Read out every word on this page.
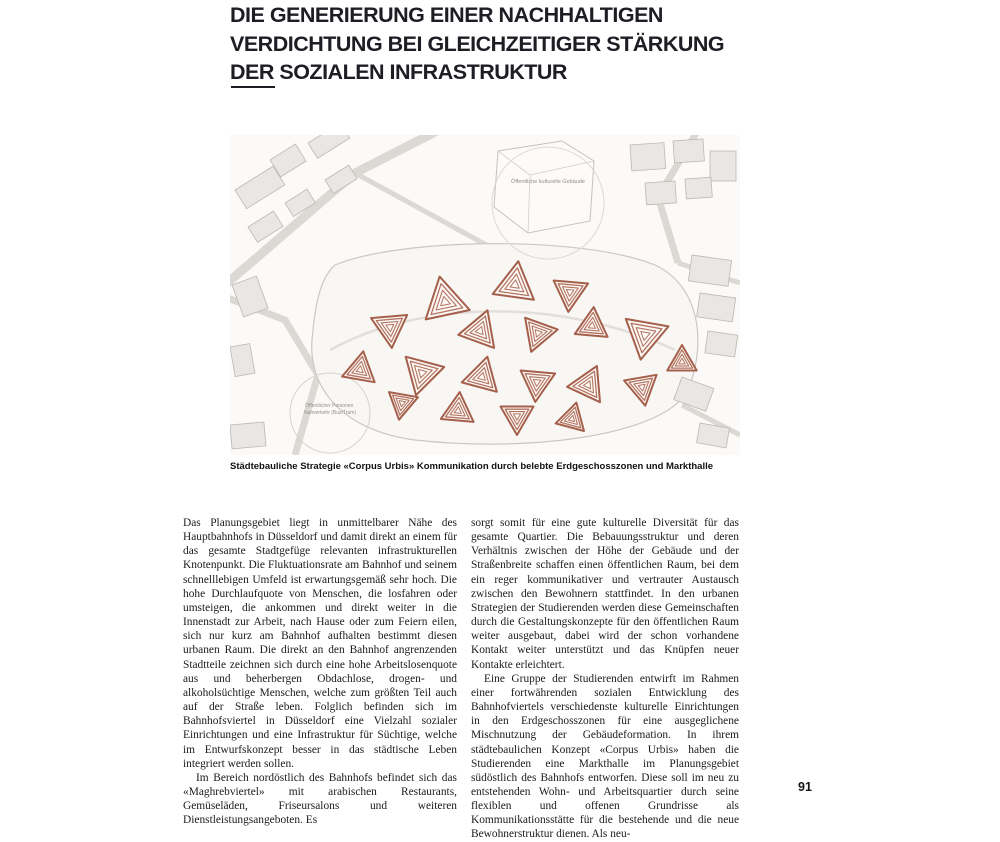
DIE GENERIERUNG EINER NACHHALTIGEN
VERDICHTUNG BEI GLEICHZEITIGER STÄRKUNG
DER SOZIALEN INFRASTRUKTUR
Öffentliche kulturelle Gebäude
Öffentlicher Personen Nahverkehr (Bus/Tram)
Städtebauliche Strategie «Corpus Urbis» Kommunikation durch belebte Erdgeschosszonen und Markthalle

Das Planungsgebiet liegt in unmittelbarer Nähe des Hauptbahnhofs in Düsseldorf und damit direkt an einem für das gesamte Stadtgefüge relevanten infrastrukturellen Knotenpunkt. Die Fluktuationsrate am Bahnhof und seinem schnelllebigen Umfeld ist erwartungsgemäß sehr hoch. Die hohe Durchlaufquote von Menschen, die losfahren oder umsteigen, die ankommen und direkt weiter in die Innenstadt zur Arbeit, nach Hause oder zum Feiern eilen, sich nur kurz am Bahnhof aufhalten bestimmt diesen urbanen Raum. Die direkt an den Bahnhof angrenzenden Stadtteile zeichnen sich durch eine hohe Arbeitslosenquote aus und beherbergen Obdachlose, drogen- und alkoholsüchtige Menschen, welche zum größten Teil auch auf der Straße leben. Folglich befinden sich im Bahnhofsviertel in Düsseldorf eine Vielzahl sozialer Einrichtungen und eine Infrastruktur für Süchtige, welche im Entwurfskonzept besser in das städtische Leben integriert werden sollen.

Im Bereich nordöstlich des Bahnhofs befindet sich das «Maghrebviertel» mit arabischen Restaurants, Gemüseläden, Friseursalons und weiteren Dienstleistungsangeboten. Es

sorgt somit für eine gute kulturelle Diversität für das gesamte Quartier. Die Bebauungsstruktur und deren Verhältnis zwischen der Höhe der Gebäude und der Straßenbreite schaffen einen öffentlichen Raum, bei dem ein reger kommunikativer und vertrauter Austausch zwischen den Bewohnern stattfindet. In den urbanen Strategien der Studierenden werden diese Gemeinschaften durch die Gestaltungskonzepte für den öffentlichen Raum weiter ausgebaut, dabei wird der schon vorhandene Kontakt weiter unterstützt und das Knüpfen neuer Kontakte erleichtert.

Eine Gruppe der Studierenden entwirft im Rahmen einer fortwährenden sozialen Entwicklung des Bahnhofviertels verschiedenste kulturelle Einrichtungen in den Erdgeschosszonen für eine ausgeglichene Mischnutzung der Gebäudeformation. In ihrem städtebaulichen Konzept «Corpus Urbis» haben die Studierenden eine Markthalle im Planungsgebiet südöstlich des Bahnhofs entworfen. Diese soll im neu zu entstehenden Wohn- und Arbeitsquartier durch seine flexiblen und offenen Grundrisse als Kommunikationsstätte für die bestehende und die neue Bewohnerstruktur dienen. Als neu-

91
